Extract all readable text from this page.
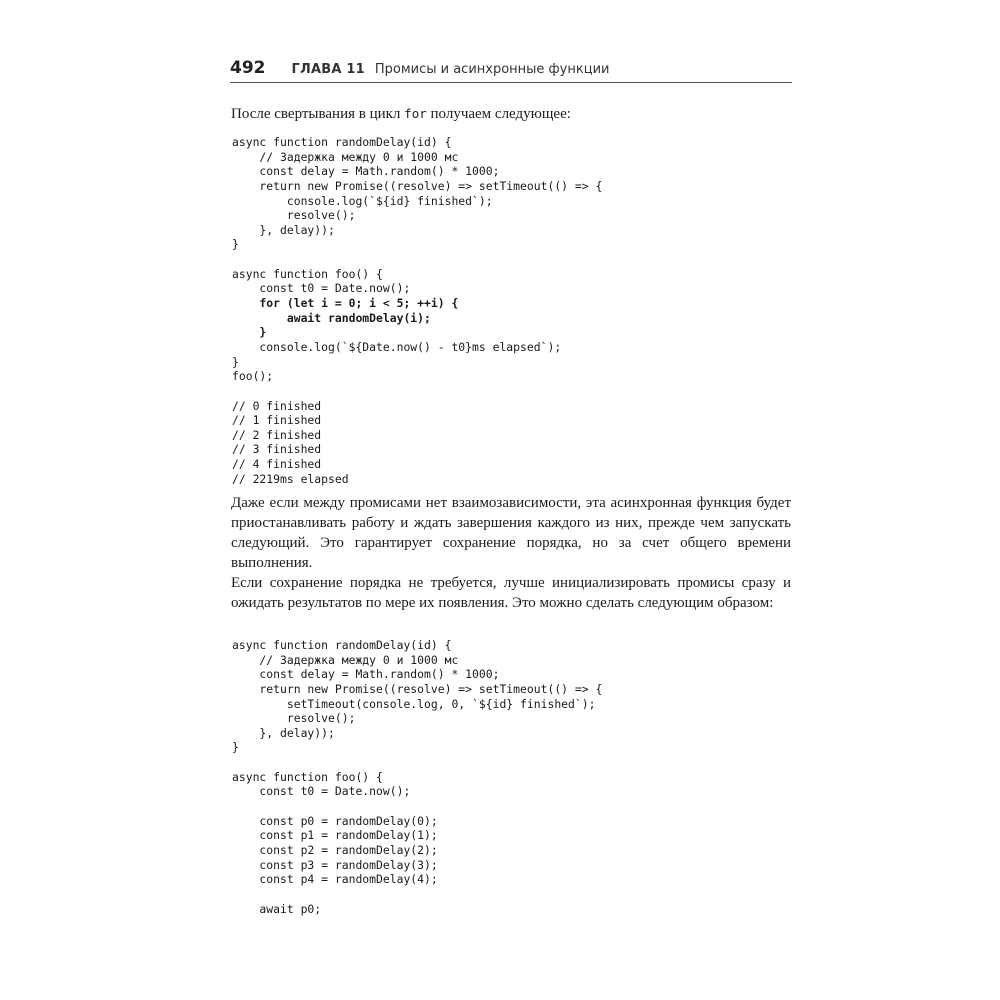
492 ГЛАВА 11 Промисы и асинхронные функции

После свертывания в цикл for получаем следующее:

async function randomDelay(id) {
// Задержка между 0 и 1000 мс
const delay = Math.random() * 1000;
return new Promise((resolve) => setTimeout(() => {
console.log(`${id} finished`);
resolve();
}, delay));
}
async function foo() {
const t0 = Date.now();
for (let i = 0; i < 5; ++i) {
await randomDelay(i);
}
console.log(`${Date.now() - t0}ms elapsed`);
}
foo();
// 0 finished
// 1 finished
// 2 finished
// 3 finished
// 4 finished
// 2219ms elapsed

Даже если между промисами нет взаимозависимости, эта асинхронная функция будет приостанавливать работу и ждать завершения каждого из них, прежде чем запускать следующий. Это гарантирует сохранение порядка, но за счет общего времени выполнения.

Если сохранение порядка не требуется, лучше инициализировать промисы сразу и ожидать результатов по мере их появления. Это можно сделать следующим образом:

async function randomDelay(id) {
// Задержка между 0 и 1000 мс
const delay = Math.random() * 1000;
return new Promise((resolve) => setTimeout(() => {
setTimeout(console.log, 0, `${id} finished`);
resolve();
}, delay));
}
async function foo() {
const t0 = Date.now();
const p0 = randomDelay(0);
const p1 = randomDelay(1);
const p2 = randomDelay(2);
const p3 = randomDelay(3);
const p4 = randomDelay(4);
await p0;
